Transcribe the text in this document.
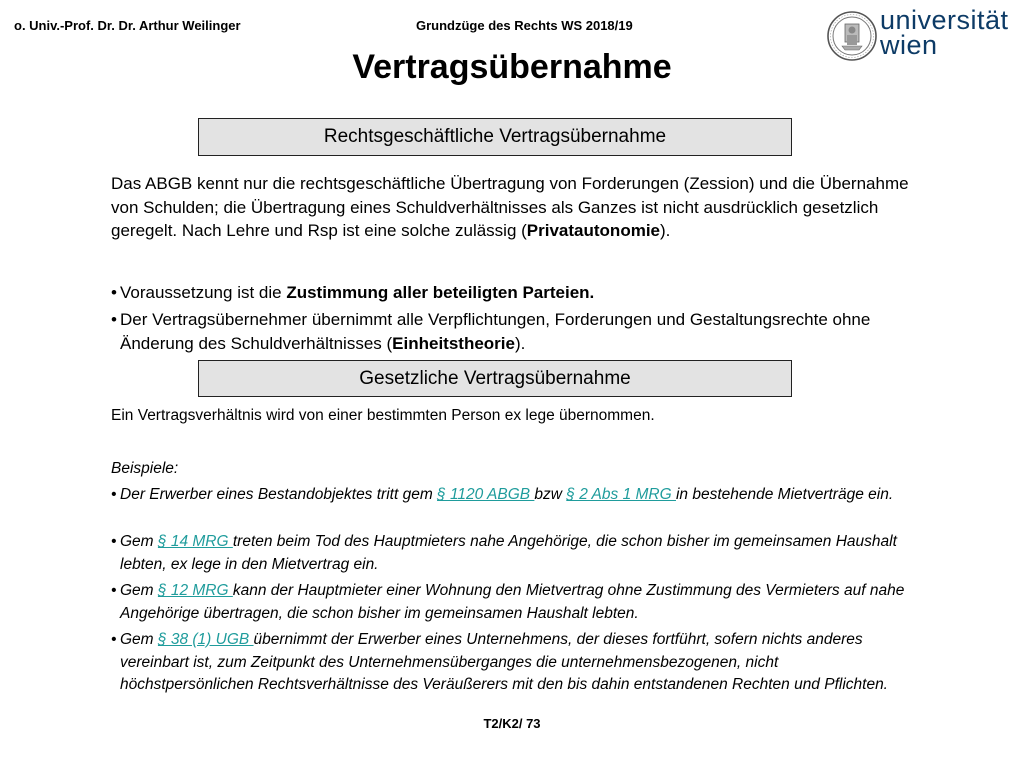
o. Univ.-Prof. Dr. Dr. Arthur Weilinger	Grundzüge des Rechts WS 2018/19	universität
wien
Vertragsübernahme
Rechtsgeschäftliche Vertragsübernahme
Das ABGB kennt nur die rechtsgeschäftliche Übertragung von Forderungen (Zession) und die Übernahme von Schulden; die Übertragung eines Schuldverhältnisses als Ganzes ist nicht ausdrücklich gesetzlich geregelt. Nach Lehre und Rsp ist eine solche zulässig (Privatautonomie).
• Voraussetzung ist die Zustimmung aller beteiligten Parteien.
• Der Vertragsübernehmer übernimmt alle Verpflichtungen, Forderungen und Gestaltungsrechte ohne Änderung des Schuldverhältnisses (Einheitstheorie).
Gesetzliche Vertragsübernahme
Ein Vertragsverhältnis wird von einer bestimmten Person ex lege übernommen.
Beispiele:
• Der Erwerber eines Bestandobjektes tritt gem § 1120 ABGB bzw § 2 Abs 1 MRG in bestehende Mietverträge ein.
• Gem § 14 MRG treten beim Tod des Hauptmieters nahe Angehörige, die schon bisher im gemeinsamen Haushalt lebten, ex lege in den Mietvertrag ein.
• Gem § 12 MRG kann der Hauptmieter einer Wohnung den Mietvertrag ohne Zustimmung des Vermieters auf nahe Angehörige übertragen, die schon bisher im gemeinsamen Haushalt lebten.
• Gem § 38 (1) UGB übernimmt der Erwerber eines Unternehmens, der dieses fortführt, sofern nichts anderes vereinbart ist, zum Zeitpunkt des Unternehmensüberganges die unternehmensbezogenen, nicht höchstpersönlichen Rechtsverhältnisse des Veräußerers mit den bis dahin entstandenen Rechten und Pflichten.
T2/K2/ 73
